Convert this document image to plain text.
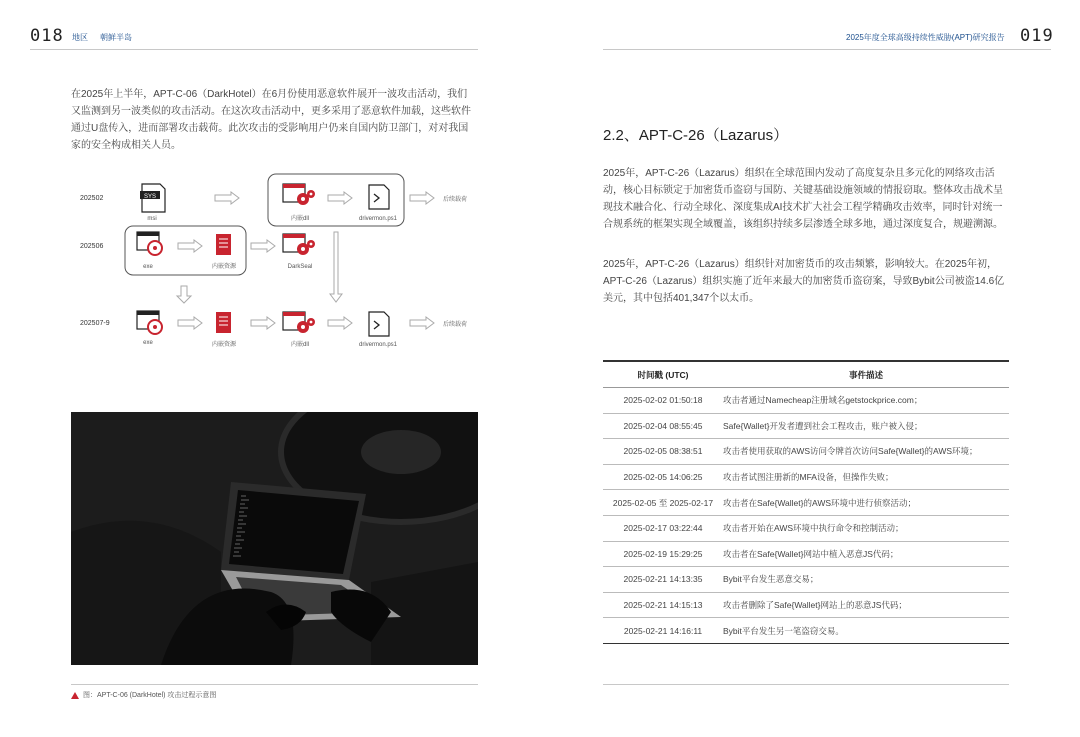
018 地区 朝鲜半岛

在2025年上半年，APT-C-06（DarkHotel）在6月份使用恶意软件展开一波攻击活动，我们又监测到另一波类似的攻击活动。在这次攻击活动中，更多采用了恶意软件加载，这些软件通过U盘传入，进而部署攻击载荷。此次攻击的受影响用户仍来自国内防卫部门，对对我国家的安全构成相关人员。

202502
202506
202507-9
SYS
msi	内嵌dll	drivermon.ps1
后续载荷
exe	内嵌资源	DarkSeal
exe	内嵌资源	内嵌dll	drivermon.ps1
后续载荷
图：APT-C-06 (DarkHotel) 攻击过程示意图
2025年度全球高级持续性威胁(APT)研究报告 019
2.2、APT-C-26（Lazarus）

2025年，APT-C-26（Lazarus）组织在全球范围内发动了高度复杂且多元化的网络攻击活动，核心目标锁定于加密货币盗窃与国防、关键基础设施领域的情报窃取。整体攻击战术呈现技术融合化、行动全球化、深度集成AI技术扩大社会工程学精确攻击效率，同时针对统一合规系统的框架实现全域覆盖，该组织持续多层渗透全球多地，通过深度复合，规避溯源。

2025年，APT-C-26（Lazarus）组织针对加密货币的攻击频繁，影响较大。在2025年初，APT-C-26（Lazarus）组织实施了近年来最大的加密货币盗窃案，导致Bybit公司被盗14.6亿美元，其中包括401,347个以太币。

时间戳 (UTC)	事件描述
2025-02-02 01:50:18	攻击者通过Namecheap注册域名getstockprice.com；
2025-02-04 08:55:45	Safe{Wallet}开发者遭到社会工程攻击，账户被入侵；
2025-02-05 08:38:51	攻击者使用获取的AWS访问令牌首次访问Safe{Wallet}的AWS环境；
2025-02-05 14:06:25	攻击者试图注册新的MFA设备，但操作失败；
2025-02-05 至 2025-02-17	攻击者在Safe{Wallet}的AWS环境中进行侦察活动；
2025-02-17 03:22:44	攻击者开始在AWS环境中执行命令和控制活动；
2025-02-19 15:29:25	攻击者在Safe{Wallet}网站中植入恶意JS代码；
2025-02-21 14:13:35	Bybit平台发生恶意交易；
2025-02-21 14:15:13	攻击者删除了Safe{Wallet}网站上的恶意JS代码；
2025-02-21 14:16:11	Bybit平台发生另一笔盗窃交易。
